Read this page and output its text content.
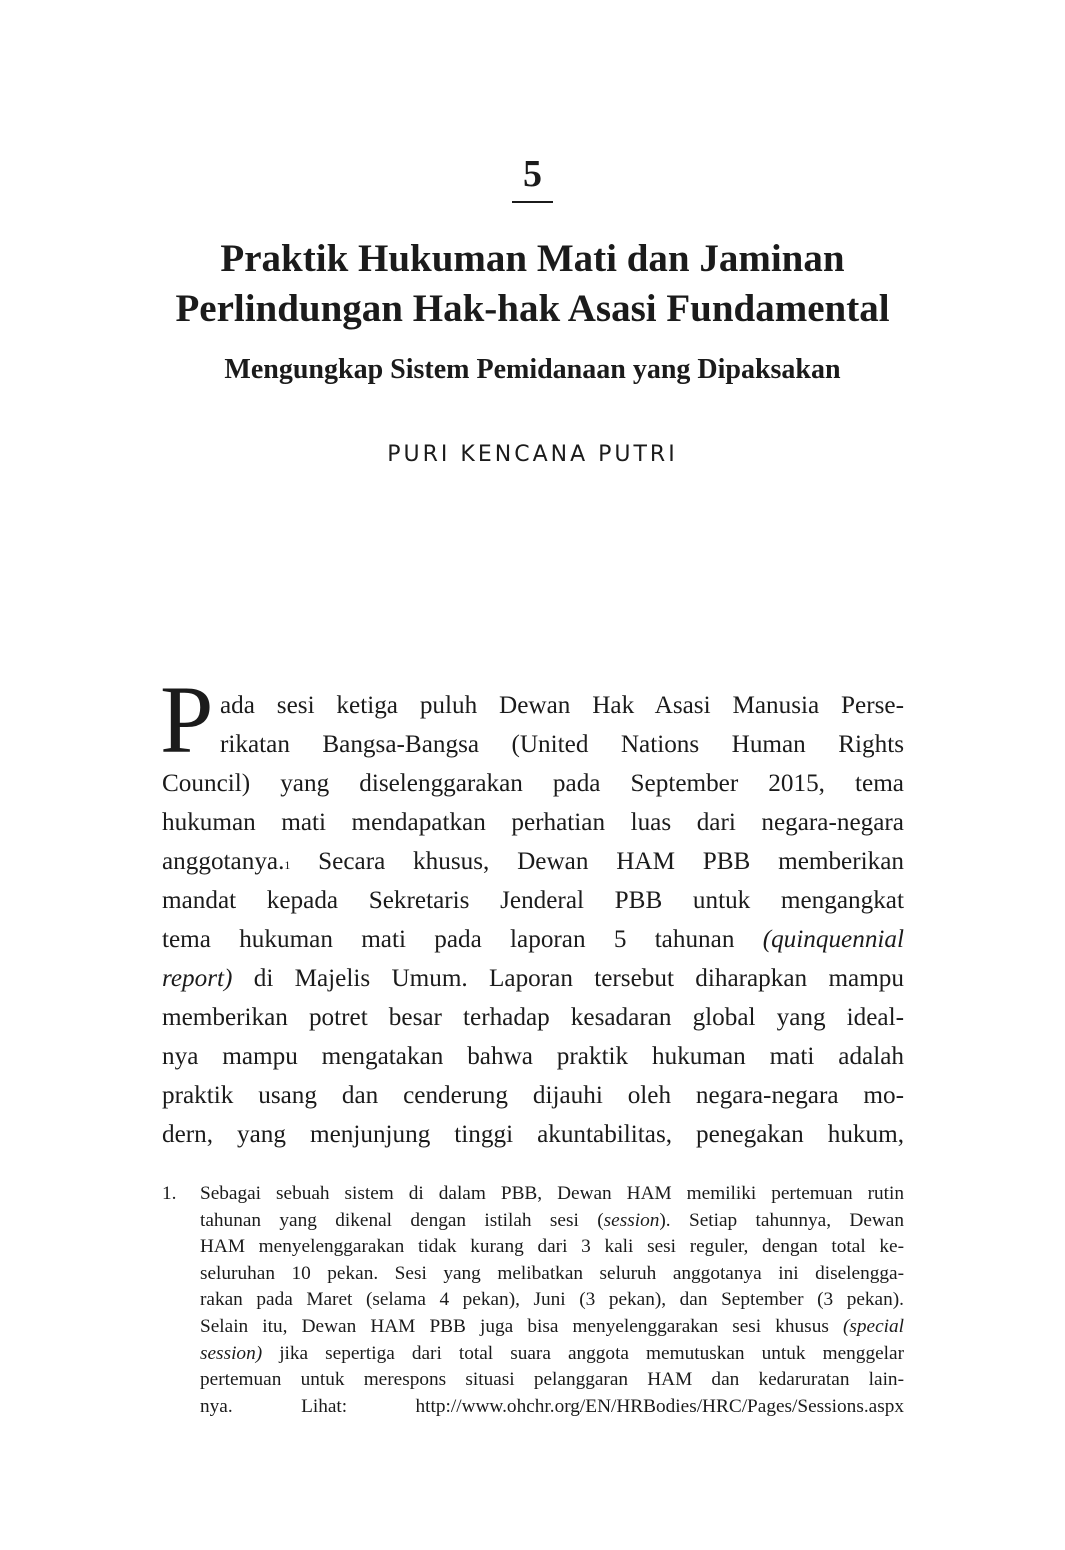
5
Praktik Hukuman Mati dan Jaminan
Perlindungan Hak-hak Asasi Fundamental
Mengungkap Sistem Pemidanaan yang Dipaksakan
PURI KENCANA PUTRI
P ada sesi ketiga puluh Dewan Hak Asasi Manusia Perse-
rikatan Bangsa-Bangsa (United Nations Human Rights
Council) yang diselenggarakan pada September 2015, tema
hukuman mati mendapatkan perhatian luas dari negara-negara
anggotanya.$^1$ Secara khusus, Dewan HAM PBB memberikan
mandat kepada Sekretaris Jenderal PBB untuk mengangkat
tema hukuman mati pada laporan 5 tahunan (quinquennial
report) di Majelis Umum. Laporan tersebut diharapkan mampu
memberikan potret besar terhadap kesadaran global yang ideal-
nya mampu mengatakan bahwa praktik hukuman mati adalah
praktik usang dan cenderung dijauhi oleh negara-negara mo-
dern, yang menjunjung tinggi akuntabilitas, penegakan hukum,
1. Sebagai sebuah sistem di dalam PBB, Dewan HAM memiliki pertemuan rutin
tahunan yang dikenal dengan istilah sesi (session). Setiap tahunnya, Dewan
HAM menyelenggarakan tidak kurang dari 3 kali sesi reguler, dengan total ke-
seluruhan 10 pekan. Sesi yang melibatkan seluruh anggotanya ini diselengga-
rakan pada Maret (selama 4 pekan), Juni (3 pekan), dan September (3 pekan).
Selain itu, Dewan HAM PBB juga bisa menyelenggarakan sesi khusus (special
session) jika sepertiga dari total suara anggota memutuskan untuk menggelar
pertemuan untuk merespons situasi pelanggaran HAM dan kedaruratan lain-
nya. Lihat: http://www.ohchr.org/EN/HRBodies/HRC/Pages/Sessions.aspx
